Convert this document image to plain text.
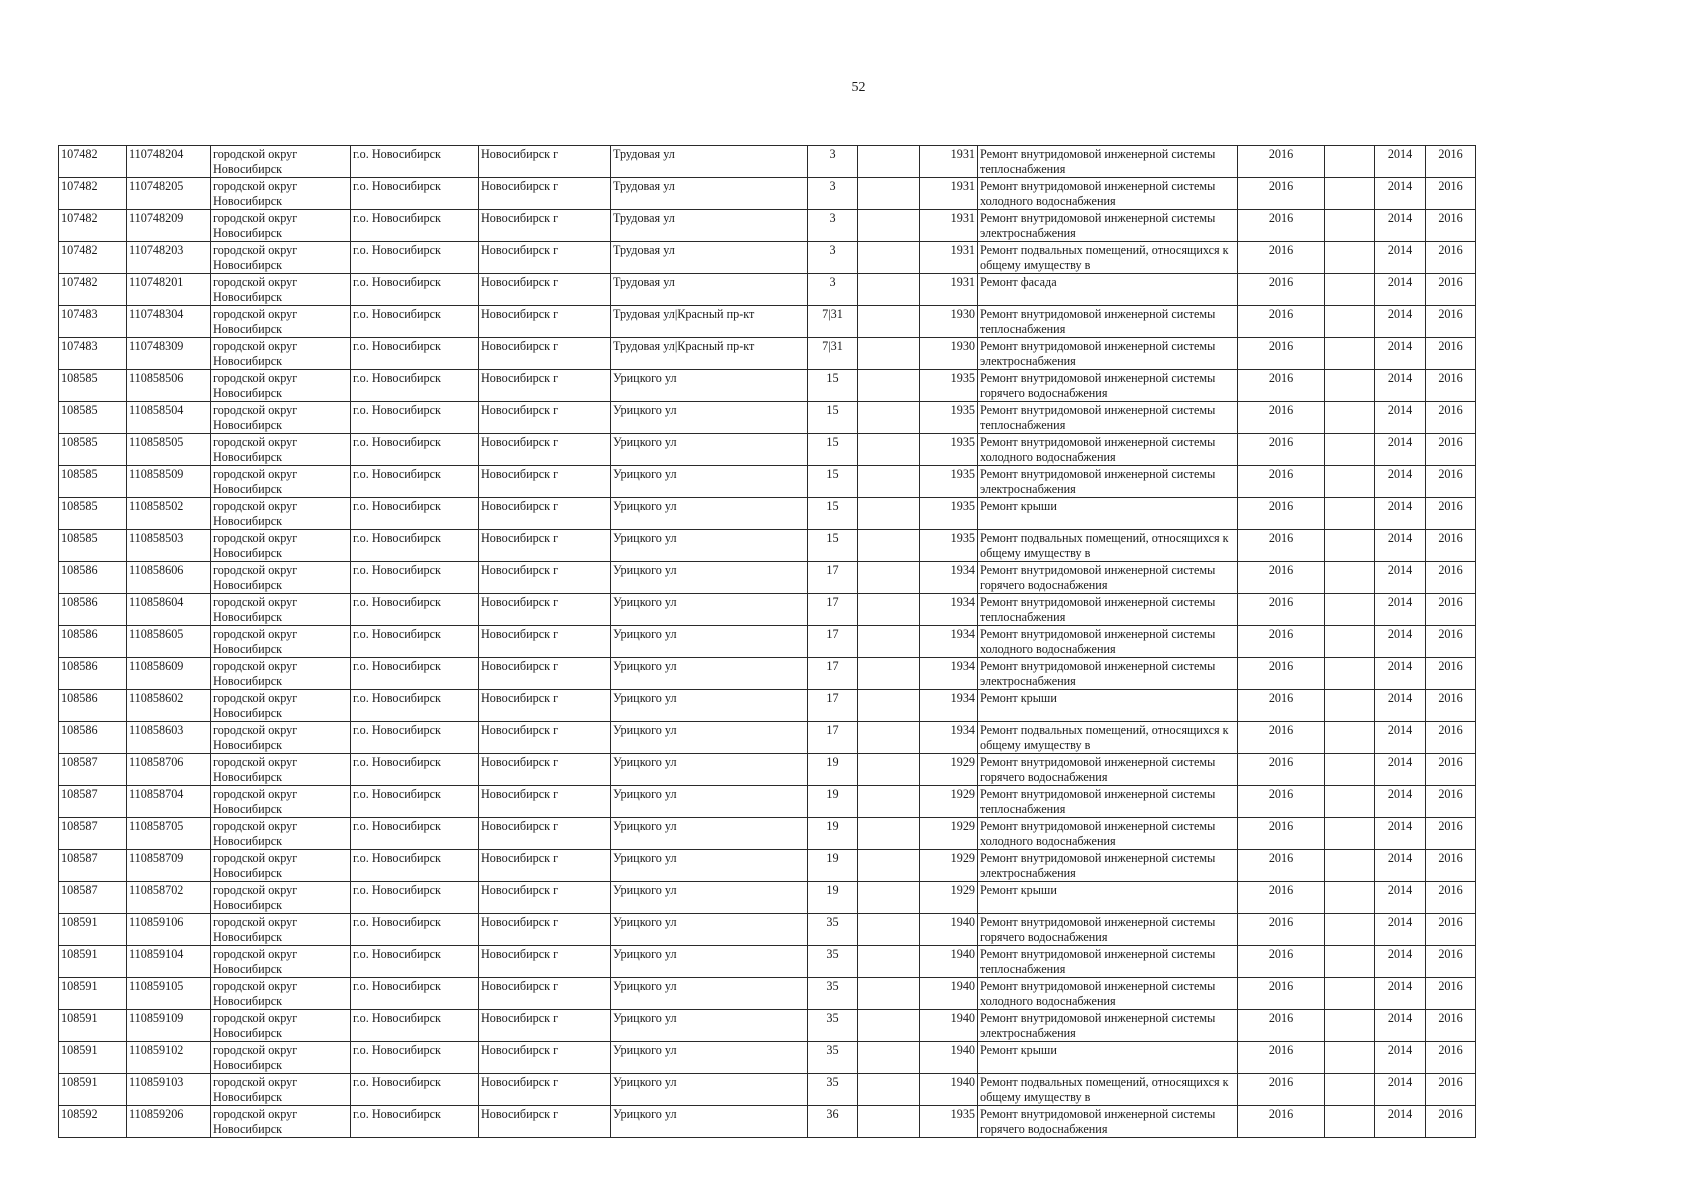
52
107482	110748204	городской округ Новосибирск	г.о. Новосибирск	Новосибирск г	Трудовая ул	3		1931	Ремонт внутридомовой инженерной системы теплоснабжения	2016		2014	2016
107482	110748205	городской округ Новосибирск	г.о. Новосибирск	Новосибирск г	Трудовая ул	3		1931	Ремонт внутридомовой инженерной системы холодного водоснабжения	2016		2014	2016
107482	110748209	городской округ Новосибирск	г.о. Новосибирск	Новосибирск г	Трудовая ул	3		1931	Ремонт внутридомовой инженерной системы электроснабжения	2016		2014	2016
107482	110748203	городской округ Новосибирск	г.о. Новосибирск	Новосибирск г	Трудовая ул	3		1931	Ремонт подвальных помещений, относящихся к общему имуществу в	2016		2014	2016
107482	110748201	городской округ Новосибирск	г.о. Новосибирск	Новосибирск г	Трудовая ул	3		1931	Ремонт фасада	2016		2014	2016
107483	110748304	городской округ Новосибирск	г.о. Новосибирск	Новосибирск г	Трудовая ул|Красный пр-кт	7|31		1930	Ремонт внутридомовой инженерной системы теплоснабжения	2016		2014	2016
107483	110748309	городской округ Новосибирск	г.о. Новосибирск	Новосибирск г	Трудовая ул|Красный пр-кт	7|31		1930	Ремонт внутридомовой инженерной системы электроснабжения	2016		2014	2016
108585	110858506	городской округ Новосибирск	г.о. Новосибирск	Новосибирск г	Урицкого ул	15		1935	Ремонт внутридомовой инженерной системы горячего водоснабжения	2016		2014	2016
108585	110858504	городской округ Новосибирск	г.о. Новосибирск	Новосибирск г	Урицкого ул	15		1935	Ремонт внутридомовой инженерной системы теплоснабжения	2016		2014	2016
108585	110858505	городской округ Новосибирск	г.о. Новосибирск	Новосибирск г	Урицкого ул	15		1935	Ремонт внутридомовой инженерной системы холодного водоснабжения	2016		2014	2016
108585	110858509	городской округ Новосибирск	г.о. Новосибирск	Новосибирск г	Урицкого ул	15		1935	Ремонт внутридомовой инженерной системы электроснабжения	2016		2014	2016
108585	110858502	городской округ Новосибирск	г.о. Новосибирск	Новосибирск г	Урицкого ул	15		1935	Ремонт крыши	2016		2014	2016
108585	110858503	городской округ Новосибирск	г.о. Новосибирск	Новосибирск г	Урицкого ул	15		1935	Ремонт подвальных помещений, относящихся к общему имуществу в	2016		2014	2016
108586	110858606	городской округ Новосибирск	г.о. Новосибирск	Новосибирск г	Урицкого ул	17		1934	Ремонт внутридомовой инженерной системы горячего водоснабжения	2016		2014	2016
108586	110858604	городской округ Новосибирск	г.о. Новосибирск	Новосибирск г	Урицкого ул	17		1934	Ремонт внутридомовой инженерной системы теплоснабжения	2016		2014	2016
108586	110858605	городской округ Новосибирск	г.о. Новосибирск	Новосибирск г	Урицкого ул	17		1934	Ремонт внутридомовой инженерной системы холодного водоснабжения	2016		2014	2016
108586	110858609	городской округ Новосибирск	г.о. Новосибирск	Новосибирск г	Урицкого ул	17		1934	Ремонт внутридомовой инженерной системы электроснабжения	2016		2014	2016
108586	110858602	городской округ Новосибирск	г.о. Новосибирск	Новосибирск г	Урицкого ул	17		1934	Ремонт крыши	2016		2014	2016
108586	110858603	городской округ Новосибирск	г.о. Новосибирск	Новосибирск г	Урицкого ул	17		1934	Ремонт подвальных помещений, относящихся к общему имуществу в	2016		2014	2016
108587	110858706	городской округ Новосибирск	г.о. Новосибирск	Новосибирск г	Урицкого ул	19		1929	Ремонт внутридомовой инженерной системы горячего водоснабжения	2016		2014	2016
108587	110858704	городской округ Новосибирск	г.о. Новосибирск	Новосибирск г	Урицкого ул	19		1929	Ремонт внутридомовой инженерной системы теплоснабжения	2016		2014	2016
108587	110858705	городской округ Новосибирск	г.о. Новосибирск	Новосибирск г	Урицкого ул	19		1929	Ремонт внутридомовой инженерной системы холодного водоснабжения	2016		2014	2016
108587	110858709	городской округ Новосибирск	г.о. Новосибирск	Новосибирск г	Урицкого ул	19		1929	Ремонт внутридомовой инженерной системы электроснабжения	2016		2014	2016
108587	110858702	городской округ Новосибирск	г.о. Новосибирск	Новосибирск г	Урицкого ул	19		1929	Ремонт крыши	2016		2014	2016
108591	110859106	городской округ Новосибирск	г.о. Новосибирск	Новосибирск г	Урицкого ул	35		1940	Ремонт внутридомовой инженерной системы горячего водоснабжения	2016		2014	2016
108591	110859104	городской округ Новосибирск	г.о. Новосибирск	Новосибирск г	Урицкого ул	35		1940	Ремонт внутридомовой инженерной системы теплоснабжения	2016		2014	2016
108591	110859105	городской округ Новосибирск	г.о. Новосибирск	Новосибирск г	Урицкого ул	35		1940	Ремонт внутридомовой инженерной системы холодного водоснабжения	2016		2014	2016
108591	110859109	городской округ Новосибирск	г.о. Новосибирск	Новосибирск г	Урицкого ул	35		1940	Ремонт внутридомовой инженерной системы электроснабжения	2016		2014	2016
108591	110859102	городской округ Новосибирск	г.о. Новосибирск	Новосибирск г	Урицкого ул	35		1940	Ремонт крыши	2016		2014	2016
108591	110859103	городской округ Новосибирск	г.о. Новосибирск	Новосибирск г	Урицкого ул	35		1940	Ремонт подвальных помещений, относящихся к общему имуществу в	2016		2014	2016
108592	110859206	городской округ Новосибирск	г.о. Новосибирск	Новосибирск г	Урицкого ул	36		1935	Ремонт внутридомовой инженерной системы горячего водоснабжения	2016		2014	2016
